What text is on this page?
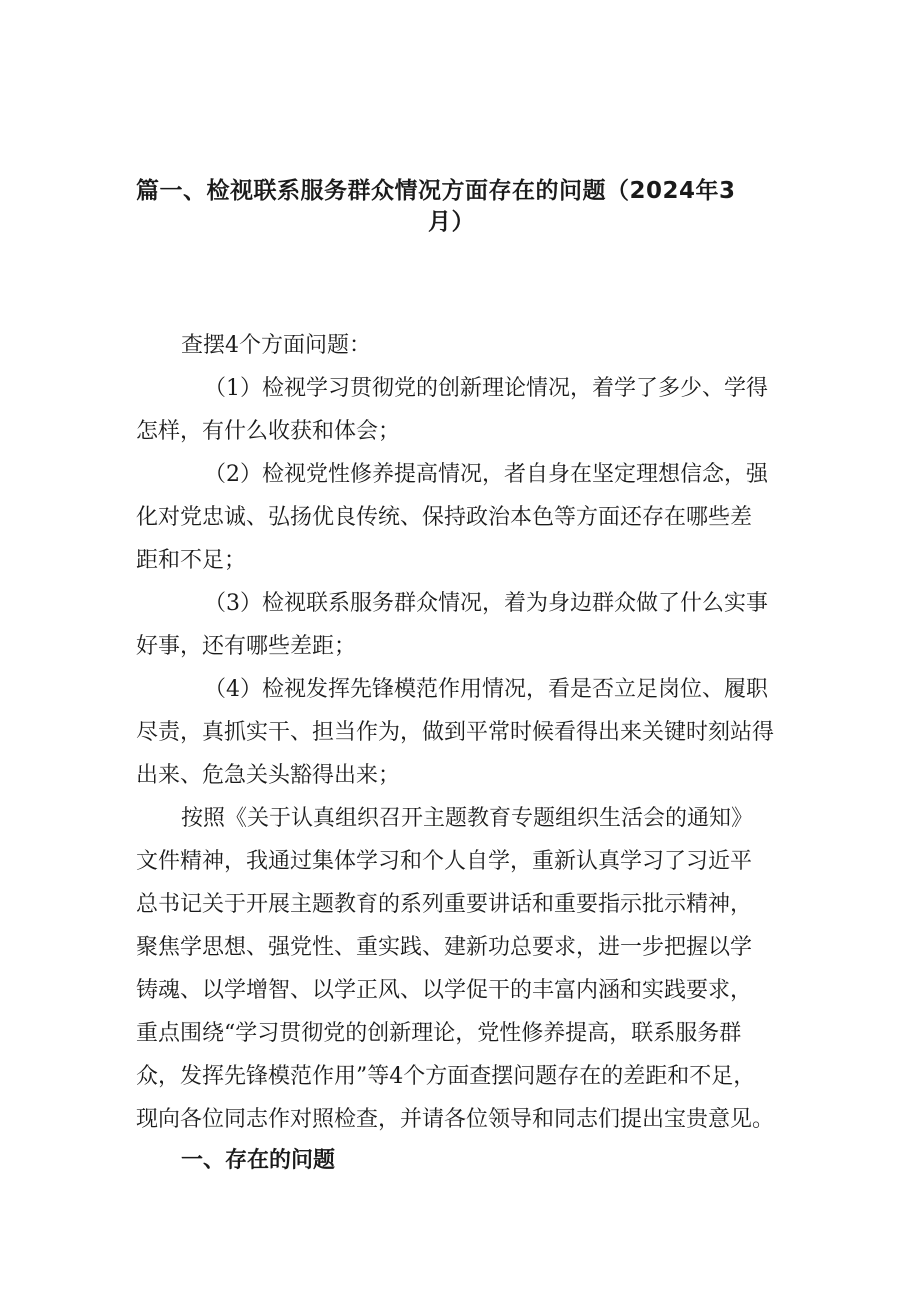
篇一、检视联系服务群众情况方面存在的问题（2024年3
月）
查摆4个方面问题：
（1）检视学习贯彻党的创新理论情况，着学了多少、学得
怎样，有什么收获和体会；
（2）检视党性修养提高情况，者自身在坚定理想信念，强
化对党忠诚、弘扬优良传统、保持政治本色等方面还存在哪些差
距和不足；
（3）检视联系服务群众情况，着为身边群众做了什么实事
好事，还有哪些差距；
（4）检视发挥先锋模范作用情况，看是否立足岗位、履职
尽责，真抓实干、担当作为，做到平常时候看得出来关键时刻站得
出来、危急关头豁得出来；
按照《关于认真组织召开主题教育专题组织生活会的通知》
文件精神，我通过集体学习和个人自学，重新认真学习了习近平
总书记关于开展主题教育的系列重要讲话和重要指示批示精神，
聚焦学思想、强党性、重实践、建新功总要求，进一步把握以学
铸魂、以学增智、以学正风、以学促干的丰富内涵和实践要求，
重点围绕“学习贯彻党的创新理论，党性修养提高，联系服务群
众，发挥先锋模范作用”等4个方面查摆问题存在的差距和不足，
现向各位同志作对照检查，并请各位领导和同志们提出宝贵意见。
一、存在的问题
